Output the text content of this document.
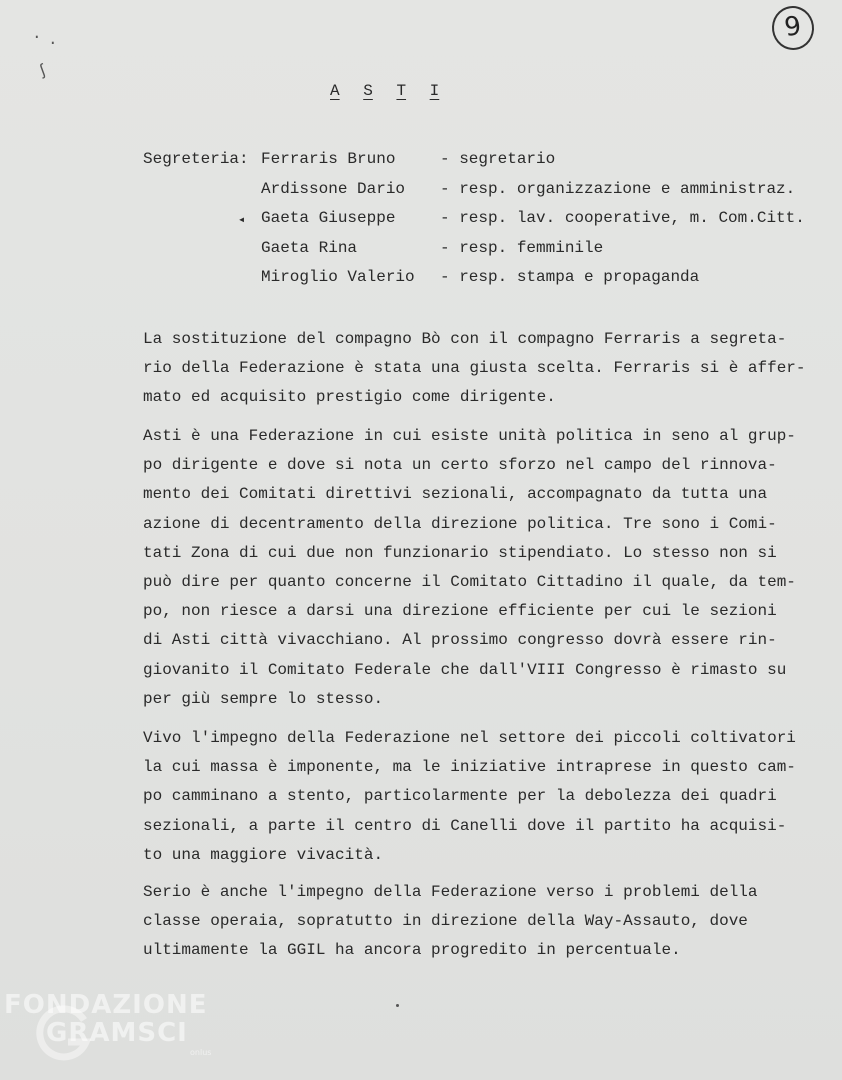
9
· ·
ʃ
A S T I
Segreteria: Ferraris Bruno	- segretario
Ardissone Dario - resp. organizzazione e amministraz.
◂ Gaeta Giuseppe	- resp. lav. cooperative, m. Com.Citt.
Gaeta Rina	- resp. femminile
Miroglio Valerio - resp. stampa e propaganda
La sostituzione del compagno Bò con il compagno Ferraris a segreta-
rio della Federazione è stata una giusta scelta. Ferraris si è affer-
mato ed acquisito prestigio come dirigente.
Asti è una Federazione in cui esiste unità politica in seno al grup-
po dirigente e dove si nota un certo sforzo nel campo del rinnova-
mento dei Comitati direttivi sezionali, accompagnato da tutta una
azione di decentramento della direzione politica. Tre sono i Comi-
tati Zona di cui due non funzionario stipendiato. Lo stesso non si
può dire per quanto concerne il Comitato Cittadino il quale, da tem-
po, non riesce a darsi una direzione efficiente per cui le sezioni
di Asti città vivacchiano. Al prossimo congresso dovrà essere rin-
giovanito il Comitato Federale che dall'VIII Congresso è rimasto su
per giù sempre lo stesso.
Vivo l'impegno della Federazione nel settore dei piccoli coltivatori
la cui massa è imponente, ma le iniziative intraprese in questo cam-
po camminano a stento, particolarmente per la debolezza dei quadri
sezionali, a parte il centro di Canelli dove il partito ha acquisi-
to una maggiore vivacità.
Serio è anche l'impegno della Federazione verso i problemi della
classe operaia, sopratutto in direzione della Way-Assauto, dove
ultimamente la GGIL ha ancora progredito in percentuale.
FONDAZIONE
GRAMSCI
onlus
